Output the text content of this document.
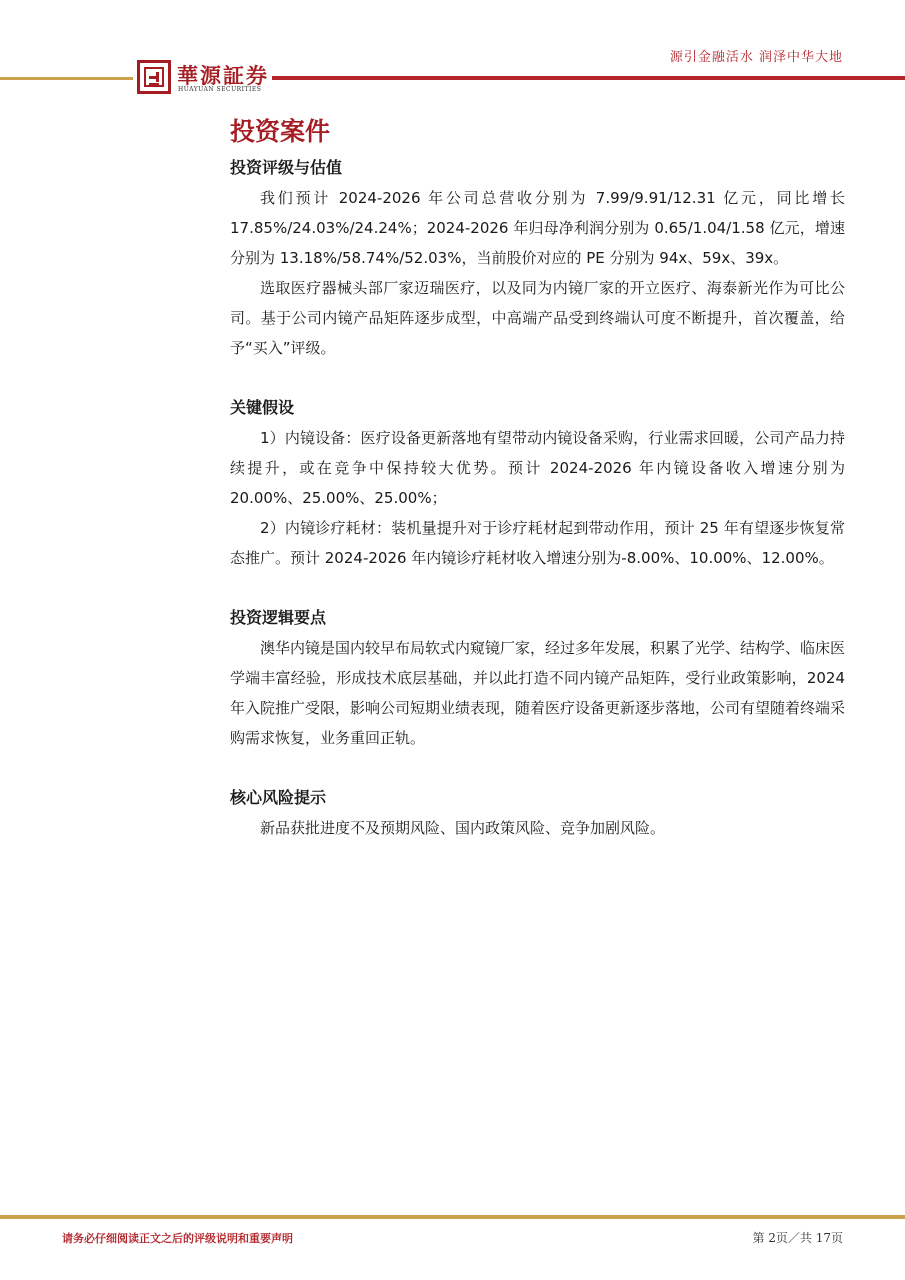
華源証券
HUAYUAN SECURITIES
源引金融活水 润泽中华大地
投资案件
投资评级与估值

我们预计 2024-2026 年公司总营收分别为 7.99/9.91/12.31 亿元，同比增长 17.85%/24.03%/24.24%；2024-2026 年归母净利润分别为 0.65/1.04/1.58 亿元，增速分别为 13.18%/58.74%/52.03%，当前股价对应的 PE 分别为 94x、59x、39x。

选取医疗器械头部厂家迈瑞医疗，以及同为内镜厂家的开立医疗、海泰新光作为可比公司。基于公司内镜产品矩阵逐步成型，中高端产品受到终端认可度不断提升，首次覆盖，给予“买入”评级。

关键假设

1）内镜设备：医疗设备更新落地有望带动内镜设备采购，行业需求回暖，公司产品力持续提升，或在竞争中保持较大优势。预计 2024-2026 年内镜设备收入增速分别为 20.00%、25.00%、25.00%；

2）内镜诊疗耗材：装机量提升对于诊疗耗材起到带动作用，预计 25 年有望逐步恢复常态推广。预计 2024-2026 年内镜诊疗耗材收入增速分别为-8.00%、10.00%、12.00%。

投资逻辑要点

澳华内镜是国内较早布局软式内窥镜厂家，经过多年发展，积累了光学、结构学、临床医学端丰富经验，形成技术底层基础，并以此打造不同内镜产品矩阵，受行业政策影响，2024 年入院推广受限，影响公司短期业绩表现，随着医疗设备更新逐步落地，公司有望随着终端采购需求恢复，业务重回正轨。

核心风险提示

新品获批进度不及预期风险、国内政策风险、竞争加剧风险。

请务必仔细阅读正文之后的评级说明和重要声明	第 2页／共 17页
